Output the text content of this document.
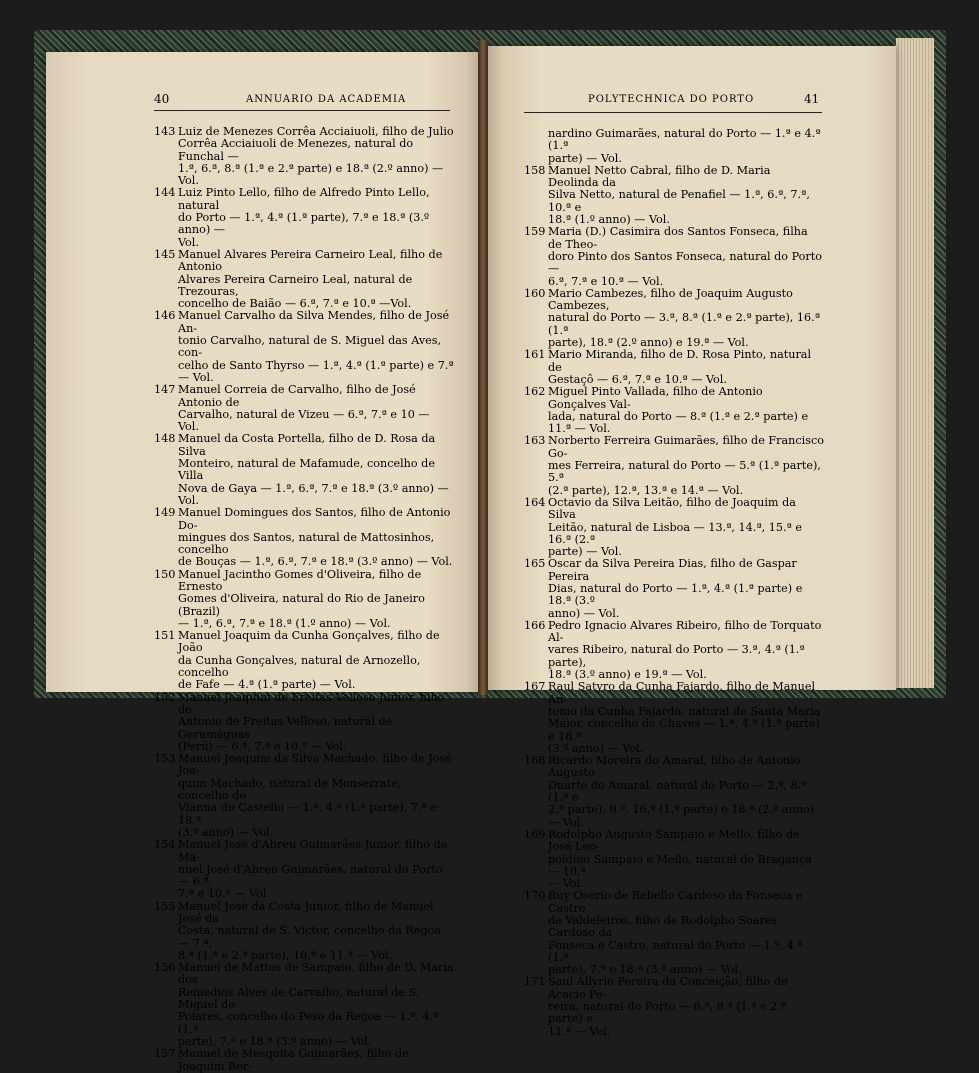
40	ANNUARIO DA ACADEMIA	POLYTECHNICA DO PORTO	41
143 Luiz de Menezes Corrêa Acciaiuoli, filho de Julio
Corrêa Acciaiuoli de Menezes, natural do Funchal —
1.ª, 6.ª, 8.ª (1.ª e 2.ª parte) e 18.ª (2.º anno) — Vol.
144 Luiz Pinto Lello, filho de Alfredo Pinto Lello, natural
do Porto — 1.ª, 4.ª (1.ª parte), 7.ª e 18.ª (3.º anno) —
Vol.
145 Manuel Alvares Pereira Carneiro Leal, filho de Antonio
Alvares Pereira Carneiro Leal, natural de Trezouras,
concelho de Baião — 6.ª, 7.ª e 10.ª —Vol.
146 Manuel Carvalho da Silva Mendes, filho de José An-
tonio Carvalho, natural de S. Miguel das Aves, con-
celho de Santo Thyrso — 1.ª, 4.ª (1.ª parte) e 7.ª — Vol.
147 Manuel Correia de Carvalho, filho de José Antonio de
Carvalho, natural de Vizeu — 6.ª, 7.ª e 10 — Vol.
148 Manuel da Costa Portella, filho de D. Rosa da Silva
Monteiro, natural de Mafamude, concelho de Villa
Nova de Gaya — 1.ª, 6.ª, 7.ª e 18.ª (3.º anno) — Vol.
149 Manuel Domingues dos Santos, filho de Antonio Do-
mingues dos Santos, natural de Mattosinhos, concelho
de Bouças — 1.ª, 6.ª, 7.ª e 18.ª (3.º anno) — Vol.
150 Manuel Jacintho Gomes d'Oliveira, filho de Ernesto
Gomes d'Oliveira, natural do Rio de Janeiro (Brazil)
— 1.ª, 6.ª, 7.ª e 18.ª (1.º anno) — Vol.
151 Manuel Joaquim da Cunha Gonçalves, filho de João
da Cunha Gonçalves, natural de Arnozello, concelho
de Fafe — 4.ª (1.ª parte) — Vol.
152 Manuel Joaquim de Freitas Velloso Junior, filho de
Antonio de Freitas Velloso, natural de Gerumáguas
(Perú) — 6.ª, 7.ª e 10.ª — Vol.
153 Manuel Joaquim da Silva Machado, filho de José Joa-
quim Machado, natural de Monserrate, concelho de
Vianna do Castello — 1.ª, 4.ª (1.ª parte), 7.ª e 18.ª
(3.º anno) — Vol.
154 Manuel José d'Abreu Guimarães Junior, filho de Ma-
nuel José d'Abreu Guimarães, natural do Porto — 6.ª,
7.ª e 10.ª — Vol.
155 Manuel José da Costa Junior, filho de Manuel José da
Costa, natural de S. Victor, concelho da Regoa — 7.ª,
8.ª (1.ª e 2.ª parte), 10.ª e 11.ª — Vol.
156 Manuel de Mattos de Sampaio, filho de D. Maria dos
Remedios Alves de Carvalho, natural de S. Miguel de
Poiares, concelho do Peso da Regoa — 1.ª, 4.ª (1.ª
parte), 7.ª e 18.ª (3.º anno) — Vol.
157 Manuel de Mesquita Guimarães, filho de Joaquim Ber-
nardino Guimarães, natural do Porto — 1.ª e 4.ª (1.ª
parte) — Vol.
158 Manuel Netto Cabral, filho de D. Maria Deolinda da
Silva Netto, natural de Penafiel — 1.ª, 6.ª, 7.ª, 10.ª e
18.ª (1.º anno) — Vol.
159 Maria (D.) Casimira dos Santos Fonseca, filha de Theo-
doro Pinto dos Santos Fonseca, natural do Porto —
6.ª, 7.ª e 10.ª — Vol.
160 Mario Cambezes, filho de Joaquim Augusto Cambezes,
natural do Porto — 3.ª, 8.ª (1.ª e 2.ª parte), 16.ª (1.ª
parte), 18.ª (2.º anno) e 19.ª — Vol.
161 Mario Miranda, filho de D. Rosa Pinto, natural de
Gestaçô — 6.ª, 7.ª e 10.ª — Vol.
162 Miguel Pinto Vallada, filho de Antonio Gonçalves Val-
lada, natural do Porto — 8.ª (1.ª e 2.ª parte) e 11.ª — Vol.
163 Norberto Ferreira Guimarães, filho de Francisco Go-
mes Ferreira, natural do Porto — 5.ª (1.ª parte), 5.ª
(2.ª parte), 12.ª, 13.ª e 14.ª — Vol.
164 Octavio da Silva Leitão, filho de Joaquim da Silva
Leitão, natural de Lisboa — 13.ª, 14.ª, 15.ª e 16.ª (2.ª
parte) — Vol.
165 Oscar da Silva Pereira Dias, filho de Gaspar Pereira
Dias, natural do Porto — 1.ª, 4.ª (1.ª parte) e 18.ª (3.º
anno) — Vol.
166 Pedro Ignacio Alvares Ribeiro, filho de Torquato Al-
vares Ribeiro, natural do Porto — 3.ª, 4.ª (1.ª parte),
18.ª (3.º anno) e 19.ª — Vol.
167 Raul Satyro da Cunha Fajardo, filho de Manuel An-
tonio da Cunha Fajardo, natural de Santa Maria
Maior, concelho de Chaves — 1.ª, 4.ª (1.ª parte) e 18.ª
(3.º anno) — Vol.
168 Ricardo Moreira do Amaral, filho de Antonio Augusto
Duarte do Amaral, natural do Porto — 2.ª, 8.ª (1.ª e
2.ª parte), 9.ª, 16.ª (1.ª parte) e 18.ª (2.º anno) — Vol.
169 Rodolpho Augusto Sampaio e Mello, filho de José Leo-
poldino Sampaio e Mello, natural de Bragança — 10.ª
— Vol.
170 Ruy Osorio de Rebello Cardoso da Fonseca e Castro
de Valdeleiros, filho de Rodolpho Soares Cardoso da
Fonseca e Castro, natural do Porto — 1.ª, 4.ª (1.ª
parte), 7.ª e 18.ª (3.º anno) — Vol.
171 Saul Allyrio Pereira da Conceição, filho de Acacio Pe-
reira, natural do Porto — 6.ª, 8.ª (1.ª e 2.ª parte) e
11.ª — Vol.
